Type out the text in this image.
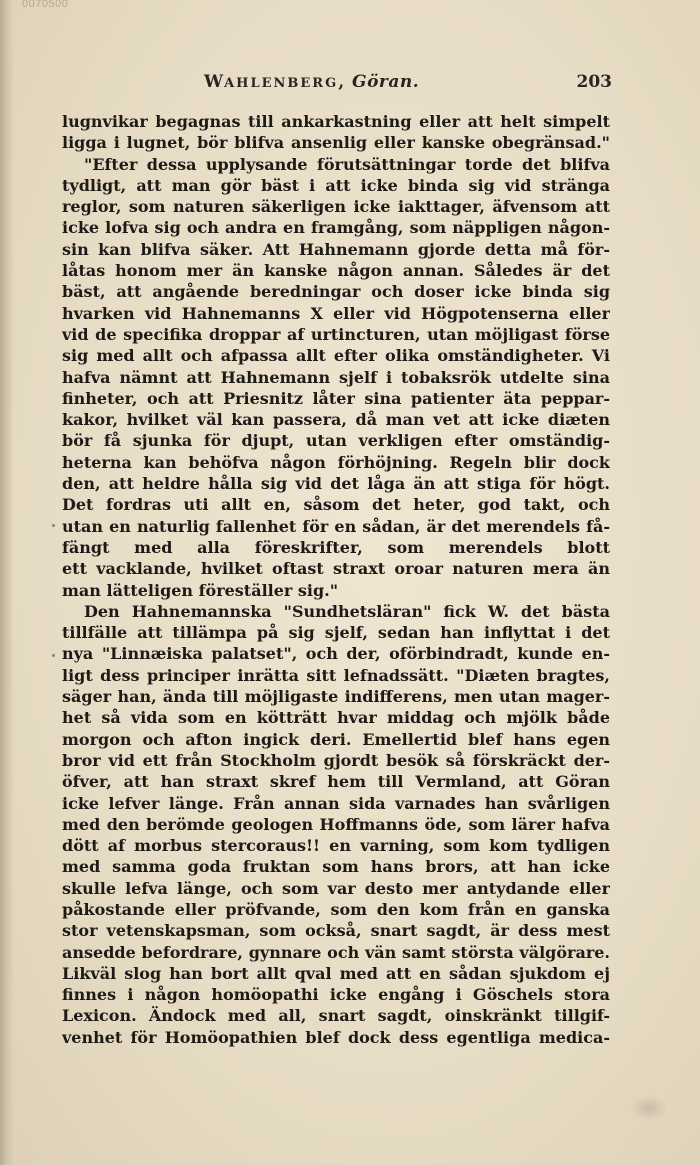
0070500
WAHLENBERG, Göran.	203
lugnvikar begagnas till ankarkastning eller att helt simpelt
ligga i lugnet, bör blifva ansenlig eller kanske obegränsad."
"Efter dessa upplysande förutsättningar torde det blifva
tydligt, att man gör bäst i att icke binda sig vid stränga
reglor, som naturen säkerligen icke iakttager, äfvensom att
icke lofva sig och andra en framgång, som näppligen någon-
sin kan blifva säker. Att Hahnemann gjorde detta må för-
låtas honom mer än kanske någon annan. Således är det
bäst, att angående beredningar och doser icke binda sig
hvarken vid Hahnemanns X eller vid Högpotenserna eller
vid de specifika droppar af urtincturen, utan möjligast förse
sig med allt och afpassa allt efter olika omständigheter. Vi
hafva nämnt att Hahnemann sjelf i tobaksrök utdelte sina
finheter, och att Priesnitz låter sina patienter äta peppar-
kakor, hvilket väl kan passera, då man vet att icke diæten
bör få sjunka för djupt, utan verkligen efter omständig-
heterna kan behöfva någon förhöjning. Regeln blir dock
den, att heldre hålla sig vid det låga än att stiga för högt.
Det fordras uti allt en, såsom det heter, god takt, och
utan en naturlig fallenhet för en sådan, är det merendels få-
fängt med alla föreskrifter, som merendels blott
ett vacklande, hvilket oftast straxt oroar naturen mera än
man lätteligen föreställer sig."
Den Hahnemannska "Sundhetsläran" fick W. det bästa
tillfälle att tillämpa på sig sjelf, sedan han inflyttat i det
nya "Linnæiska palatset", och der, oförbindradt, kunde en-
ligt dess principer inrätta sitt lefnadssätt. "Diæten bragtes,
säger han, ända till möjligaste indifferens, men utan mager-
het så vida som en kötträtt hvar middag och mjölk både
morgon och afton ingick deri. Emellertid blef hans egen
bror vid ett från Stockholm gjordt besök så förskräckt der-
öfver, att han straxt skref hem till Vermland, att Göran
icke lefver länge. Från annan sida varnades han svårligen
med den berömde geologen Hoffmanns öde, som lärer hafva
dött af morbus stercoraus!! en varning, som kom tydligen
med samma goda fruktan som hans brors, att han icke
skulle lefva länge, och som var desto mer antydande eller
påkostande eller pröfvande, som den kom från en ganska
stor vetenskapsman, som också, snart sagdt, är dess mest
ansedde befordrare, gynnare och vän samt största välgörare.
Likväl slog han bort allt qval med att en sådan sjukdom ej
finnes i någon homöopathi icke engång i Göschels stora
Lexicon. Ändock med all, snart sagdt, oinskränkt tillgif-
venhet för Homöopathien blef dock dess egentliga medica-
